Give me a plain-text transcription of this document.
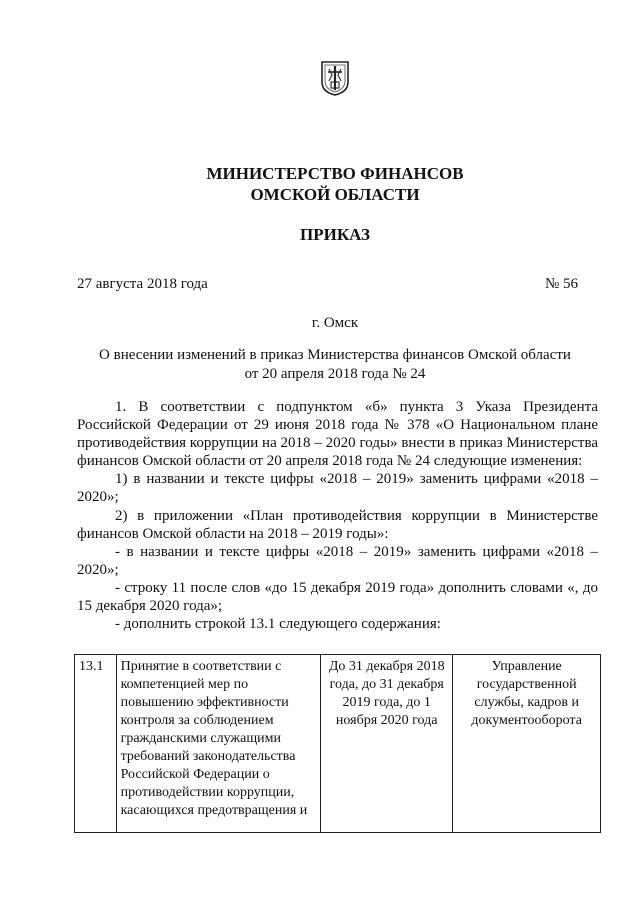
МИНИСТЕРСТВО ФИНАНСОВ
ОМСКОЙ ОБЛАСТИ
ПРИКАЗ
27 августа 2018 года	№ 56
г. Омск
О внесении изменений в приказ Министерства финансов Омской области
от 20 апреля 2018 года № 24

1. В соответствии с подпунктом «б» пункта 3 Указа Президента Российской Федерации от 29 июня 2018 года № 378 «О Национальном плане противодействия коррупции на 2018 – 2020 годы» внести в приказ Министерства финансов Омской области от 20 апреля 2018 года № 24 следующие изменения:

1) в названии и тексте цифры «2018 – 2019» заменить цифрами «2018 – 2020»;

2) в приложении «План противодействия коррупции в Министерстве финансов Омской области на 2018 – 2019 годы»:

- в названии и тексте цифры «2018 – 2019» заменить цифрами «2018 – 2020»;

- строку 11 после слов «до 15 декабря 2019 года» дополнить словами «, до 15 декабря 2020 года»;

- дополнить строкой 13.1 следующего содержания:

13.1	Принятие в соответствии с компетенцией мер по повышению эффективности контроля за соблюдением гражданскими служащими требований законодательства Российской Федерации о противодействии коррупции, касающихся предотвращения и	До 31 декабря 2018 года, до 31 декабря 2019 года, до 1 ноября 2020 года	Управление государственной службы, кадров и документооборота
